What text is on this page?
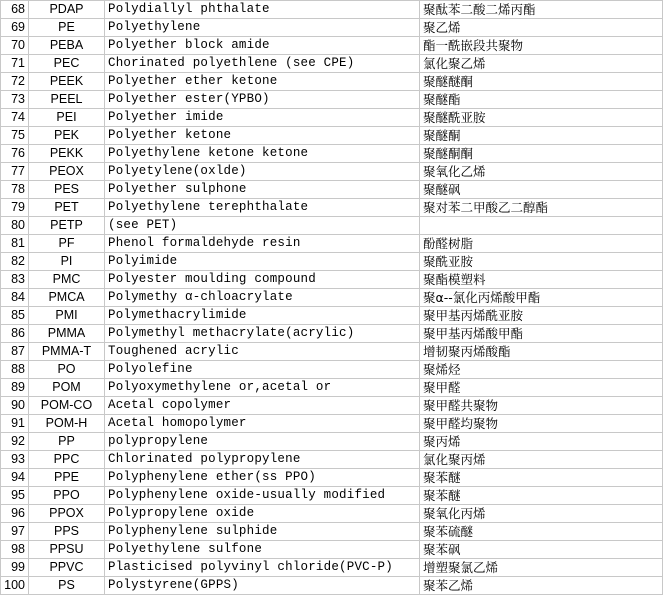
68	PDAP	Polydiallyl phthalate	聚酞苯二酸二烯丙酯
69	PE	Polyethylene	聚乙烯
70	PEBA	Polyether block amide	酯一酰嵌段共聚物
71	PEC	Chorinated polyethlene (see CPE)	氯化聚乙烯
72	PEEK	Polyether ether ketone	聚醚醚酮
73	PEEL	Polyether ester(YPBO)	聚醚酯
74	PEI	Polyether imide	聚醚酰亚胺
75	PEK	Polyether ketone	聚醚酮
76	PEKK	Polyethylene ketone ketone	聚醚酮酮
77	PEOX	Polyetylene(oxlde)	聚氧化乙烯
78	PES	Polyether sulphone	聚醚砜
79	PET	Polyethylene terephthalate	聚对苯二甲酸乙二醇酯
80	PETP	(see PET)	
81	PF	Phenol formaldehyde resin	酚醛树脂
82	PI	Polyimide	聚酰亚胺
83	PMC	Polyester moulding compound	聚酯模塑料
84	PMCA	Polymethy α-chloacrylate	聚α--氯化丙烯酸甲酯
85	PMI	Polymethacrylimide	聚甲基丙烯酰亚胺
86	PMMA	Polymethyl methacrylate(acrylic)	聚甲基丙烯酸甲酯
87	PMMA-T	Toughened acrylic	增韧聚丙烯酸酯
88	PO	Polyolefine	聚烯烃
89	POM	Polyoxymethylene or,acetal or	聚甲醛
90	POM-CO	Acetal copolymer	聚甲醛共聚物
91	POM-H	Acetal homopolymer	聚甲醛均聚物
92	PP	polypropylene	聚丙烯
93	PPC	Chlorinated polypropylene	氯化聚丙烯
94	PPE	Polyphenylene ether(ss PPO)	聚苯醚
95	PPO	Polyphenylene oxide-usually modified	聚苯醚
96	PPOX	Polypropylene oxide	聚氧化丙烯
97	PPS	Polyphenylene sulphide	聚苯硫醚
98	PPSU	Polyethylene sulfone	聚苯砜
99	PPVC	Plasticised polyvinyl chloride(PVC-P)	增塑聚氯乙烯
100	PS	Polystyrene(GPPS)	聚苯乙烯
